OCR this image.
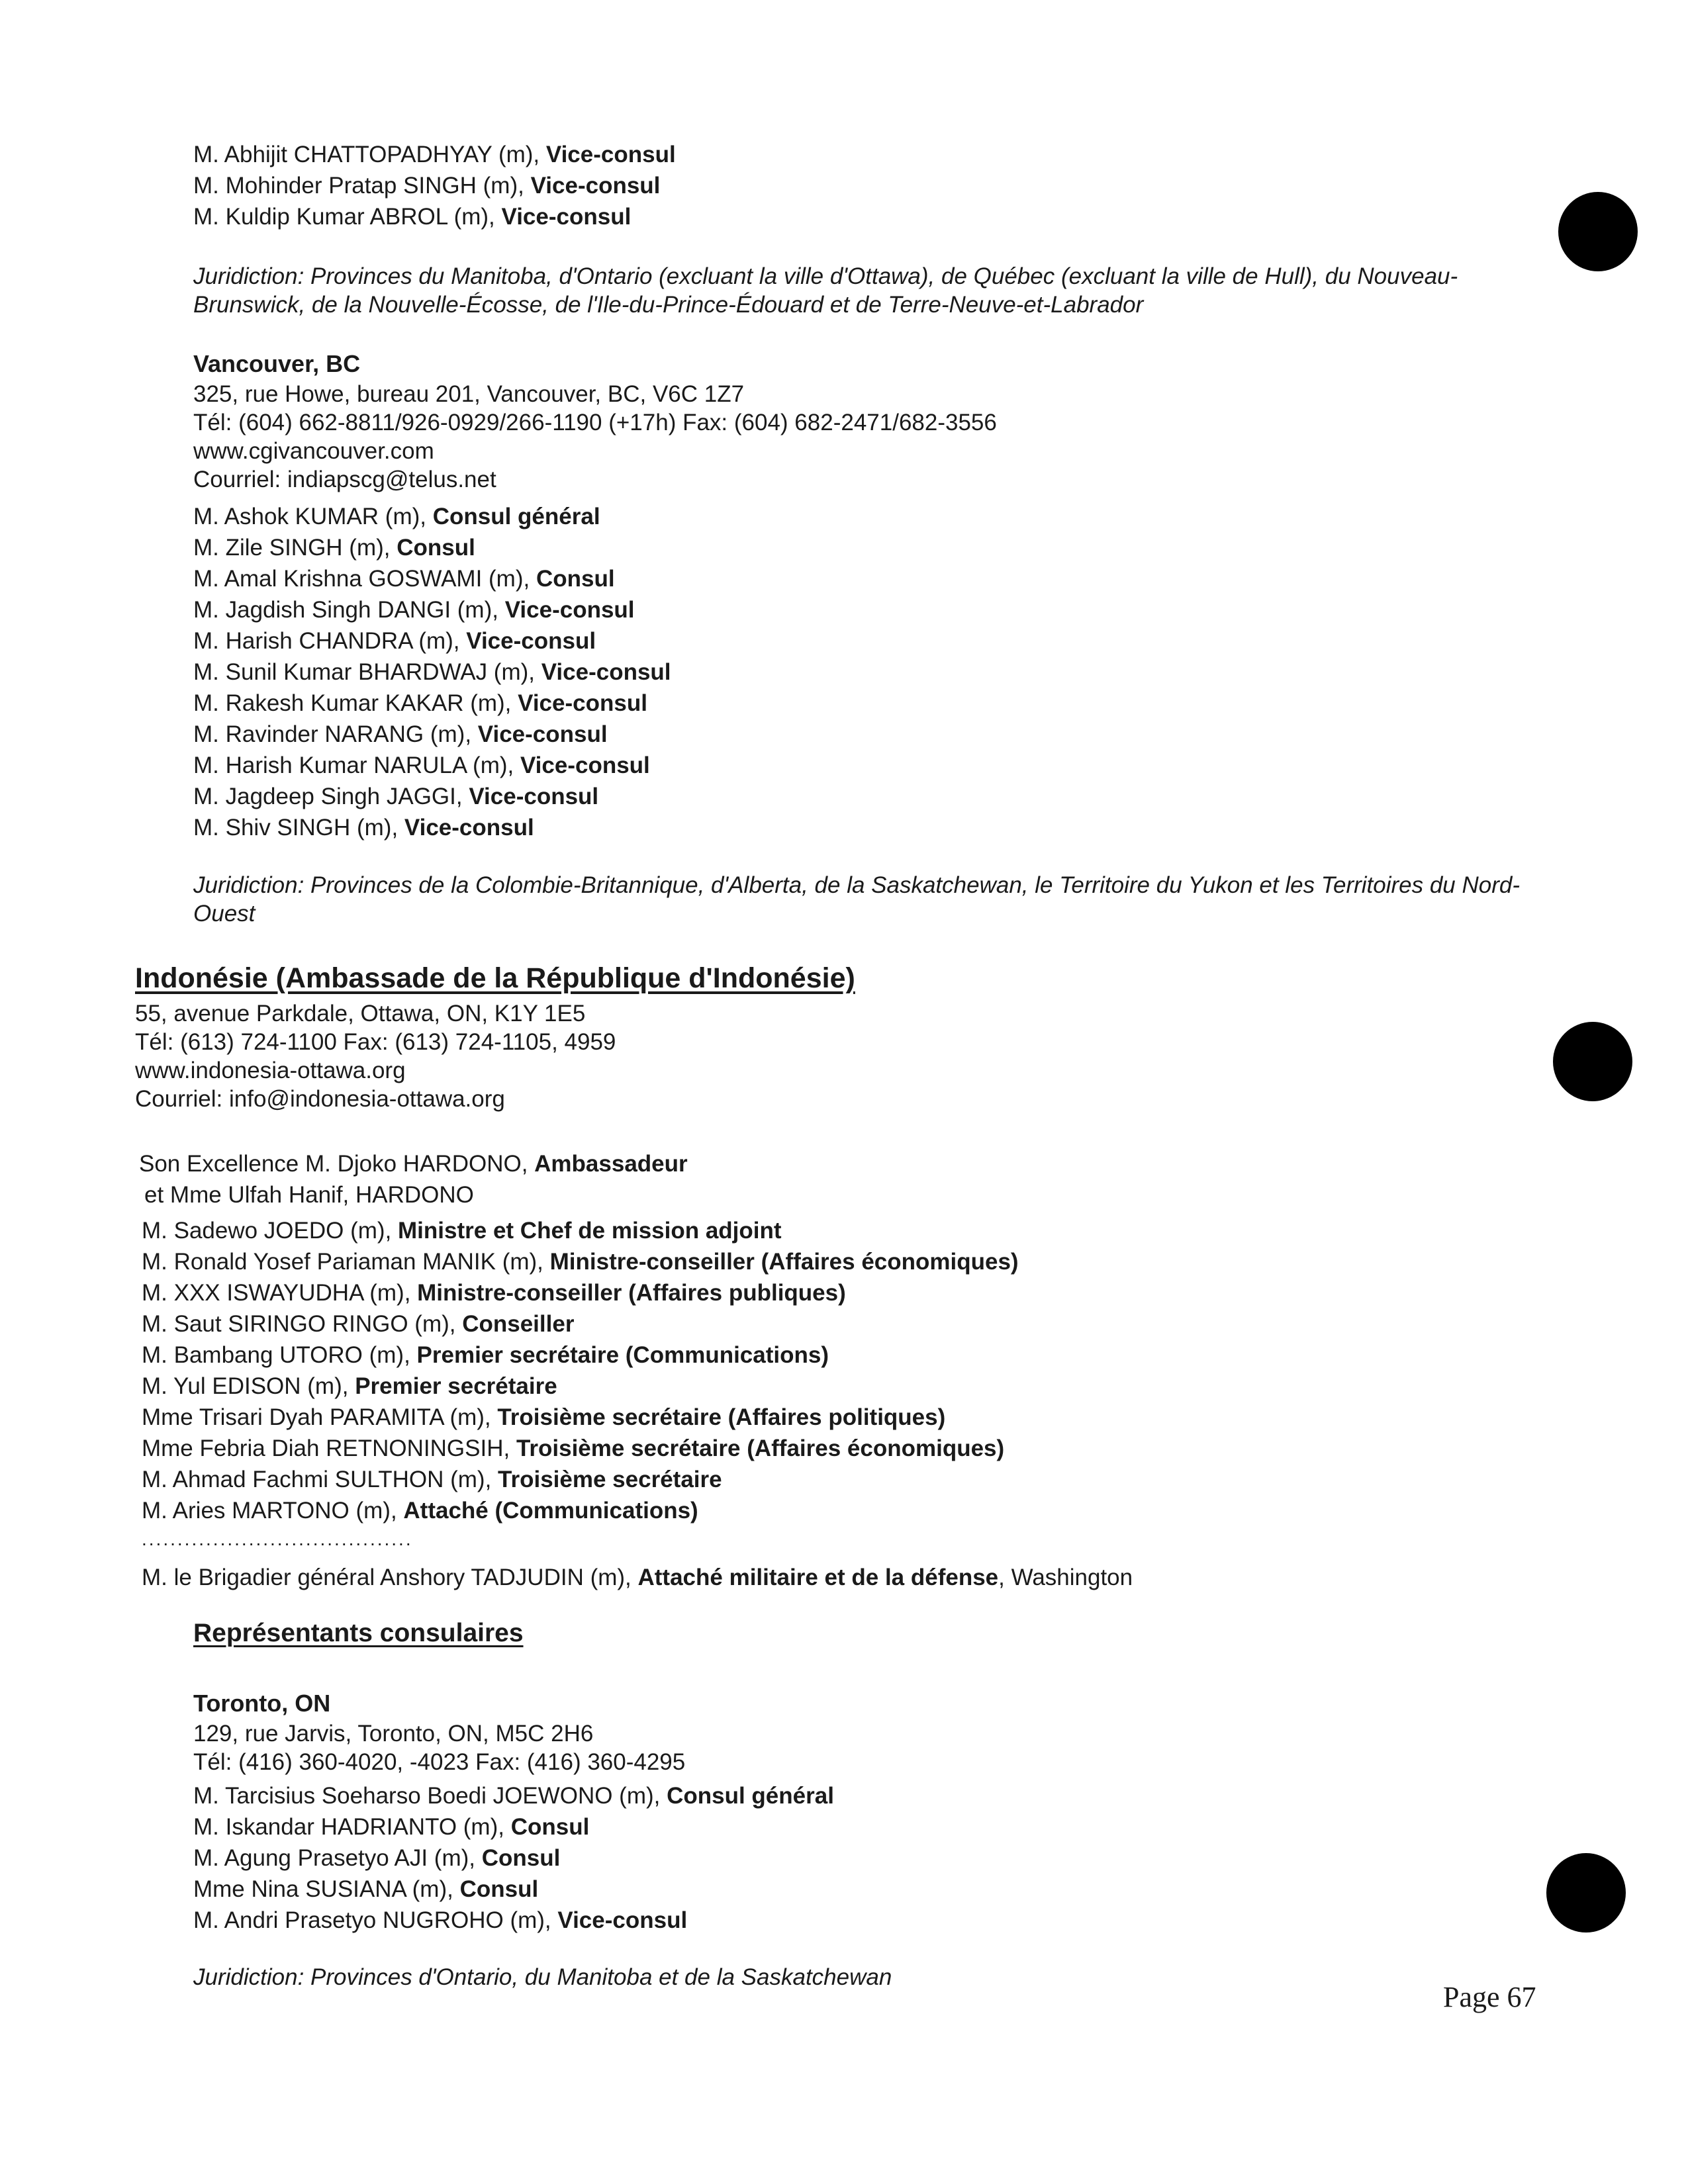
M. Abhijit CHATTOPADHYAY (m), Vice-consul
M. Mohinder Pratap SINGH (m), Vice-consul
M. Kuldip Kumar ABROL (m), Vice-consul
Juridiction: Provinces du Manitoba, d'Ontario (excluant la ville d'Ottawa), de Québec (excluant la ville de Hull), du Nouveau-Brunswick, de la Nouvelle-Écosse, de l'Ile-du-Prince-Édouard et de Terre-Neuve-et-Labrador
Vancouver, BC
325, rue Howe, bureau 201, Vancouver, BC, V6C 1Z7
Tél: (604) 662-8811/926-0929/266-1190 (+17h) Fax: (604) 682-2471/682-3556
www.cgivancouver.com
Courriel: indiapscg@telus.net
M. Ashok KUMAR (m), Consul général
M. Zile SINGH (m), Consul
M. Amal Krishna GOSWAMI (m), Consul
M. Jagdish Singh DANGI (m), Vice-consul
M. Harish CHANDRA (m), Vice-consul
M. Sunil Kumar BHARDWAJ (m), Vice-consul
M. Rakesh Kumar KAKAR (m), Vice-consul
M. Ravinder NARANG (m), Vice-consul
M. Harish Kumar NARULA (m), Vice-consul
M. Jagdeep Singh JAGGI, Vice-consul
M. Shiv SINGH (m), Vice-consul
Juridiction: Provinces de la Colombie-Britannique, d'Alberta, de la Saskatchewan, le Territoire du Yukon et les Territoires du Nord-Ouest
Indonésie (Ambassade de la République d'Indonésie)
55, avenue Parkdale, Ottawa, ON, K1Y 1E5
Tél: (613) 724-1100 Fax: (613) 724-1105, 4959
www.indonesia-ottawa.org
Courriel: info@indonesia-ottawa.org
Son Excellence M. Djoko HARDONO, Ambassadeur
et Mme Ulfah Hanif, HARDONO
M. Sadewo JOEDO (m), Ministre et Chef de mission adjoint
M. Ronald Yosef Pariaman MANIK (m), Ministre-conseiller (Affaires économiques)
M. XXX ISWAYUDHA (m), Ministre-conseiller (Affaires publiques)
M. Saut SIRINGO RINGO (m), Conseiller
M. Bambang UTORO (m), Premier secrétaire (Communications)
M. Yul EDISON (m), Premier secrétaire
Mme Trisari Dyah PARAMITA (m), Troisième secrétaire (Affaires politiques)
Mme Febria Diah RETNONINGSIH, Troisième secrétaire (Affaires économiques)
M. Ahmad Fachmi SULTHON (m), Troisième secrétaire
M. Aries MARTONO (m), Attaché (Communications)
......................................
M. le Brigadier général Anshory TADJUDIN (m), Attaché militaire et de la défense, Washington
Représentants consulaires
Toronto, ON
129, rue Jarvis, Toronto, ON, M5C 2H6
Tél: (416) 360-4020, -4023 Fax: (416) 360-4295
M. Tarcisius Soeharso Boedi JOEWONO (m), Consul général
M. Iskandar HADRIANTO (m), Consul
M. Agung Prasetyo AJI (m), Consul
Mme Nina SUSIANA (m), Consul
M. Andri Prasetyo NUGROHO (m), Vice-consul
Juridiction: Provinces d'Ontario, du Manitoba et de la Saskatchewan
Page 67
